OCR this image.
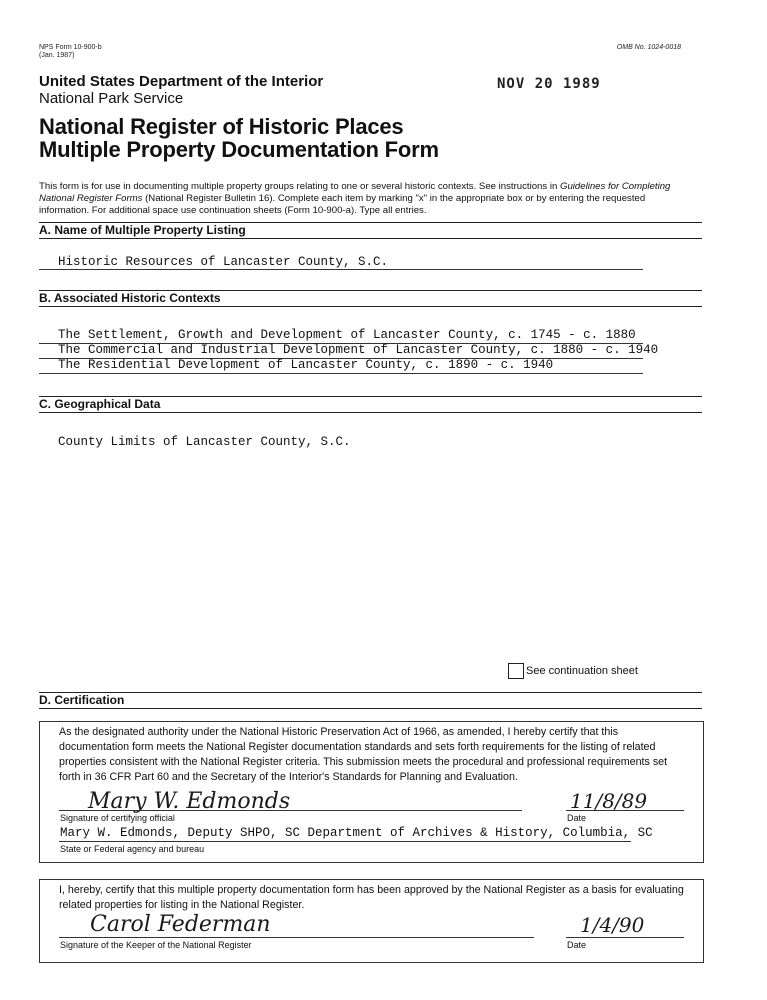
NPS Form 10-900-b
(Jan. 1987)
OMB No. 1024-0018
NOV 20 1989
United States Department of the Interior
National Park Service
National Register of Historic Places
Multiple Property Documentation Form
This form is for use in documenting multiple property groups relating to one or several historic contexts. See instructions in Guidelines for Completing National Register Forms (National Register Bulletin 16). Complete each item by marking "x" in the appropriate box or by entering the requested information. For additional space use continuation sheets (Form 10-900-a). Type all entries.
A. Name of Multiple Property Listing
Historic Resources of Lancaster County, S.C.
B. Associated Historic Contexts
The Settlement, Growth and Development of Lancaster County, c. 1745 - c. 1880
The Commercial and Industrial Development of Lancaster County, c. 1880 - c. 1940
The Residential Development of Lancaster County, c. 1890 - c. 1940
C. Geographical Data
County Limits of Lancaster County, S.C.
See continuation sheet
D. Certification
As the designated authority under the National Historic Preservation Act of 1966, as amended, I hereby certify that this documentation form meets the National Register documentation standards and sets forth requirements for the listing of related properties consistent with the National Register criteria. This submission meets the procedural and professional requirements set forth in 36 CFR Part 60 and the Secretary of the Interior's Standards for Planning and Evaluation.
Mary W. Edmonds	11/8/89
Signature of certifying official	Date
Mary W. Edmonds, Deputy SHPO, SC Department of Archives & History, Columbia, SC
State or Federal agency and bureau
I, hereby, certify that this multiple property documentation form has been approved by the National Register as a basis for evaluating related properties for listing in the National Register.
Carol Federman	1/4/90
Signature of the Keeper of the National Register	Date
